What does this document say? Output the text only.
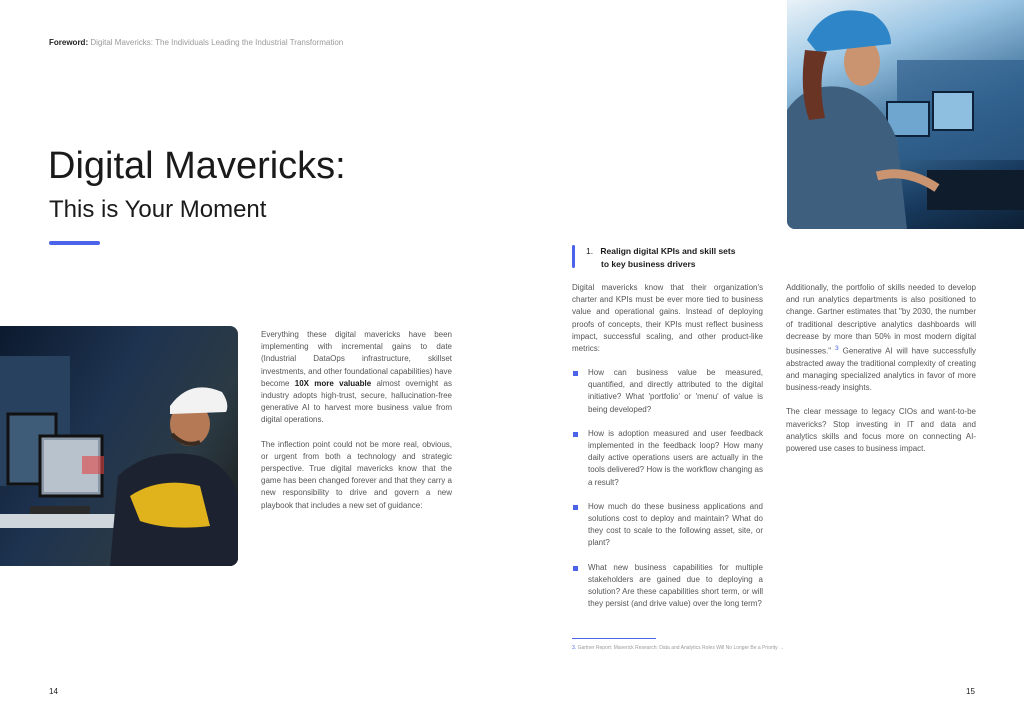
Foreword: Digital Mavericks: The Individuals Leading the Industrial Transformation
Digital Mavericks:
This is Your Moment

Everything these digital mavericks have been implementing with incremental gains to date (Industrial DataOps infrastructure, skillset investments, and other foundational capabilities) have become 10X more valuable almost overnight as industry adopts high-trust, secure, hallucination-free generative AI to harvest more business value from digital operations.

The inflection point could not be more real, obvious, or urgent from both a technology and strategic perspective. True digital mavericks know that the game has been changed forever and that they carry a new responsibility to drive and govern a new playbook that includes a new set of guidance:

1. Realign digital KPIs and skill sets
to key business drivers
Digital mavericks know that their organization's charter and KPIs must be ever more tied to business value and operational gains. Instead of deploying proofs of concepts, their KPIs must reflect business impact, successful scaling, and other product-like metrics:
How can business value be measured, quantified, and directly attributed to the digital initiative? What 'portfolio' or 'menu' of value is being developed?
How is adoption measured and user feedback implemented in the feedback loop? How many daily active operations users are actually in the tools delivered? How is the workflow changing as a result?
How much do these business applications and solutions cost to deploy and maintain? What do they cost to scale to the following asset, site, or plant?
What new business capabilities for multiple stakeholders are gained due to deploying a solution? Are these capabilities short term, or will they persist (and drive value) over the long term?

Additionally, the portfolio of skills needed to develop and run analytics departments is also positioned to change. Gartner estimates that "by 2030, the number of traditional descriptive analytics dashboards will decrease by more than 50% in most modern digital businesses." $^3$ Generative AI will have successfully abstracted away the traditional complexity of creating and managing specialized analytics in favor of more business-ready insights.

The clear message to legacy CIOs and want-to-be mavericks? Stop investing in IT and data and analytics skills and focus more on connecting AI-powered use cases to business impact.

3. Gartner Report: Maverick Research: Data and Analytics Roles Will No Longer Be a Priority →
14	15
